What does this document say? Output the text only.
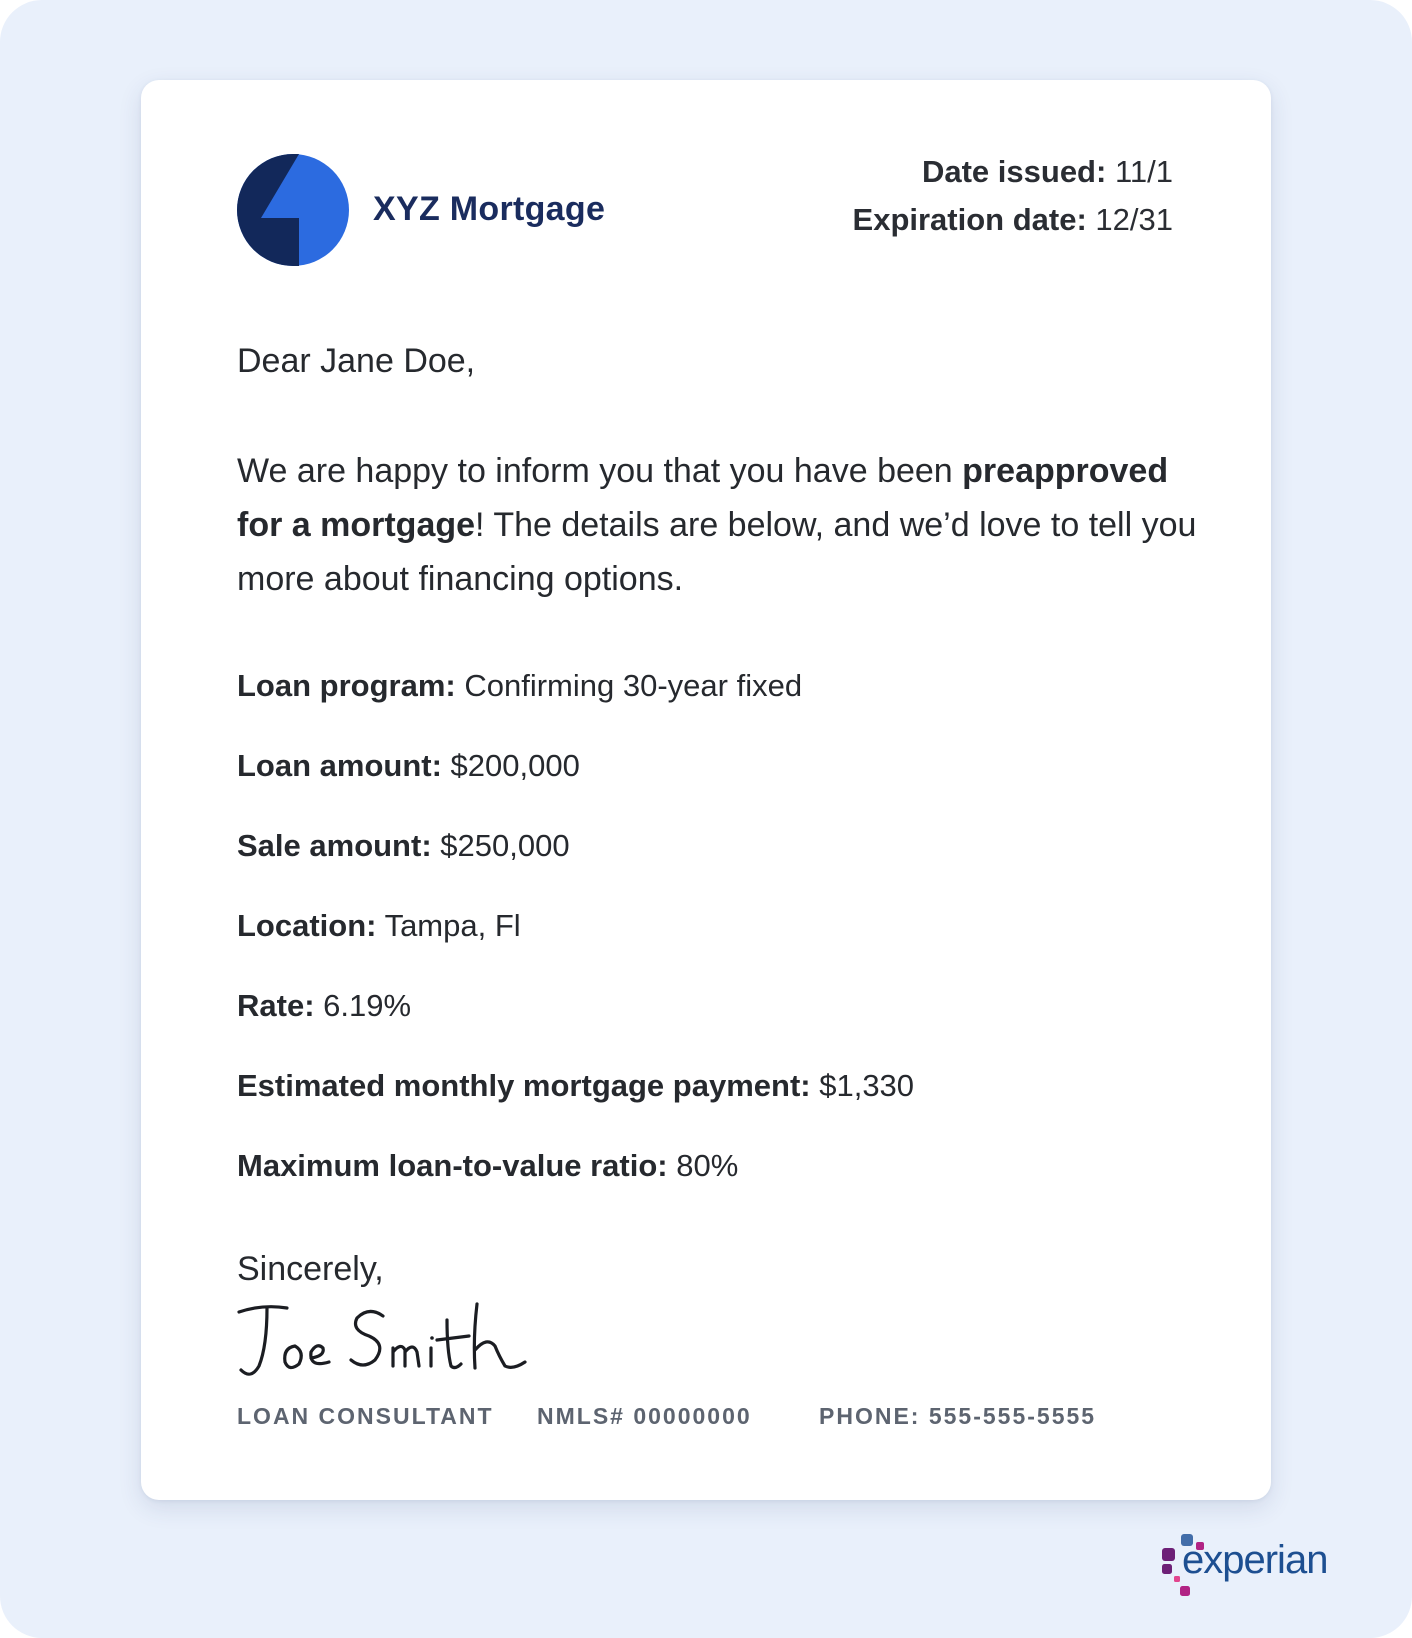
XYZ Mortgage
Date issued: 11/1
Expiration date: 12/31
Dear Jane Doe,
We are happy to inform you that you have been preapproved for a mortgage! The details are below, and we’d love to tell you more about financing options.
Loan program: Confirming 30-year fixed
Loan amount: $200,000
Sale amount: $250,000
Location: Tampa, Fl
Rate: 6.19%
Estimated monthly mortgage payment: $1,330
Maximum loan-to-value ratio: 80%
Sincerely,
LOAN CONSULTANT NMLS# 00000000	PHONE: 555-555-5555
experian
